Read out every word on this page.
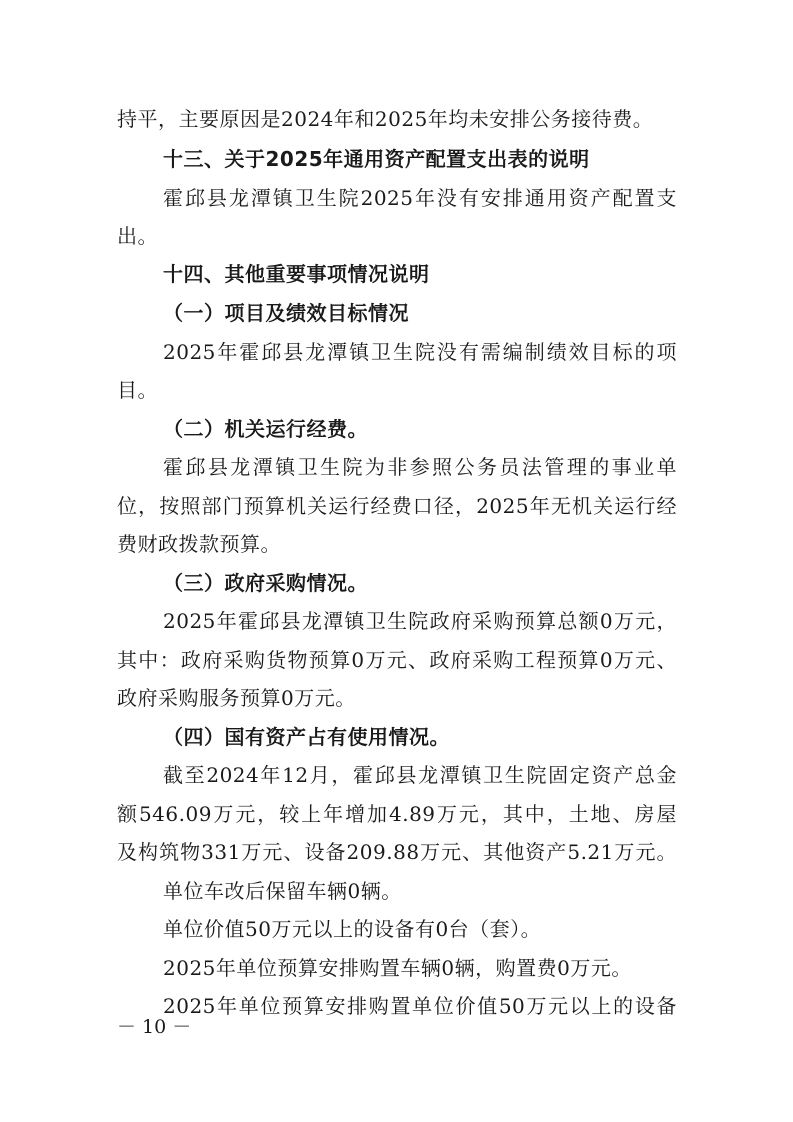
持平，主要原因是2024年和2025年均未安排公务接待费。
十三、关于2025年通用资产配置支出表的说明
霍邱县龙潭镇卫生院2025年没有安排通用资产配置支
出。
十四、其他重要事项情况说明
（一）项目及绩效目标情况
2025年霍邱县龙潭镇卫生院没有需编制绩效目标的项
目。
（二）机关运行经费。
霍邱县龙潭镇卫生院为非参照公务员法管理的事业单
位，按照部门预算机关运行经费口径，2025年无机关运行经
费财政拨款预算。
（三）政府采购情况。
2025年霍邱县龙潭镇卫生院政府采购预算总额0万元，
其中：政府采购货物预算0万元、政府采购工程预算0万元、
政府采购服务预算0万元。
（四）国有资产占有使用情况。
截至2024年12月，霍邱县龙潭镇卫生院固定资产总金
额546.09万元，较上年增加4.89万元，其中，土地、房屋
及构筑物331万元、设备209.88万元、其他资产5.21万元。
单位车改后保留车辆0辆。
单位价值50万元以上的设备有0台（套）。
2025年单位预算安排购置车辆0辆，购置费0万元。
2025年单位预算安排购置单位价值50万元以上的设备
－ 10 －
